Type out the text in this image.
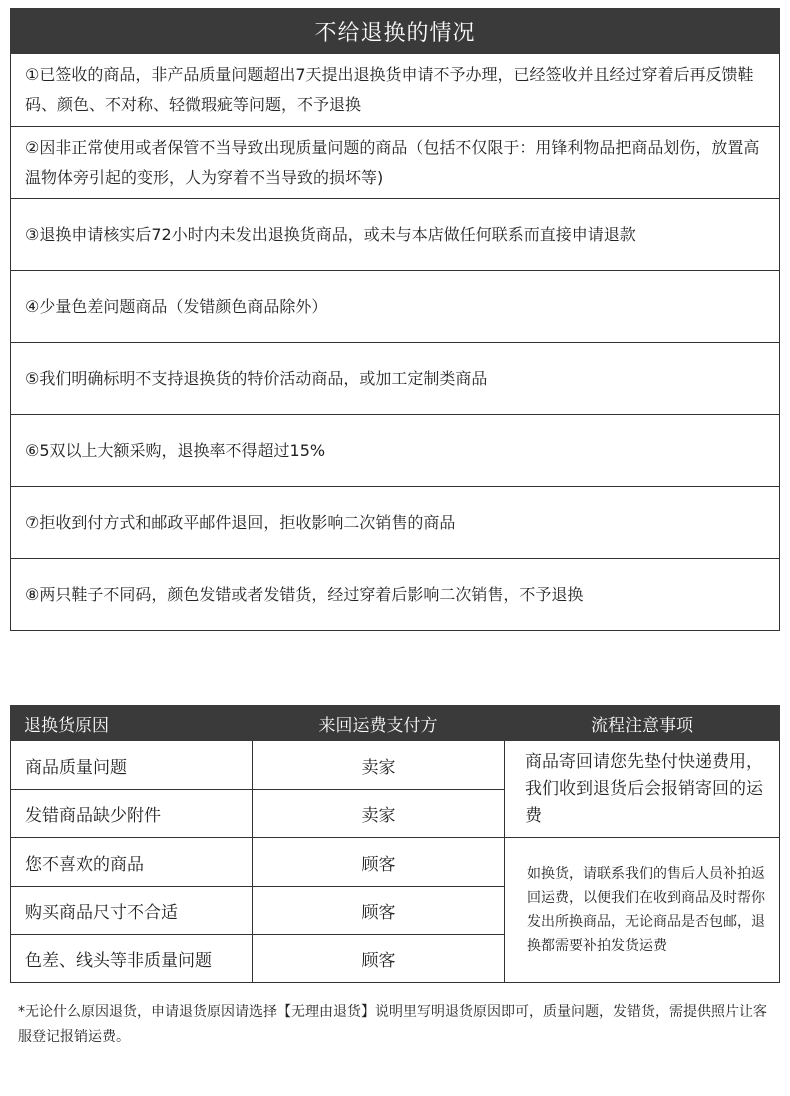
不给退换的情况
①已签收的商品，非产品质量问题超出7天提出退换货申请不予办理，已经签收并且经过穿着后再反馈鞋码、颜色、不对称、轻微瑕疵等问题，不予退换
②因非正常使用或者保管不当导致出现质量问题的商品（包括不仅限于：用锋利物品把商品划伤，放置高温物体旁引起的变形，人为穿着不当导致的损坏等)
③退换申请核实后72小时内未发出退换货商品，或未与本店做任何联系而直接申请退款
④少量色差问题商品（发错颜色商品除外）
⑤我们明确标明不支持退换货的特价活动商品，或加工定制类商品
⑥5双以上大额采购，退换率不得超过15%
⑦拒收到付方式和邮政平邮件退回，拒收影响二次销售的商品
⑧两只鞋子不同码，颜色发错或者发错货，经过穿着后影响二次销售，不予退换
退换货原因	来回运费支付方	流程注意事项
商品质量问题	卖家
发错商品缺少附件	卖家
商品寄回请您先垫付快递费用，我们收到退货后会报销寄回的运费
您不喜欢的商品	顾客
购买商品尺寸不合适	顾客
色差、线头等非质量问题	顾客
如换货，请联系我们的售后人员补拍返回运费，以便我们在收到商品及时帮你发出所换商品，无论商品是否包邮，退换都需要补拍发货运费
*无论什么原因退货，申请退货原因请选择【无理由退货】说明里写明退货原因即可，质量问题，发错货，需提供照片让客服登记报销运费。
